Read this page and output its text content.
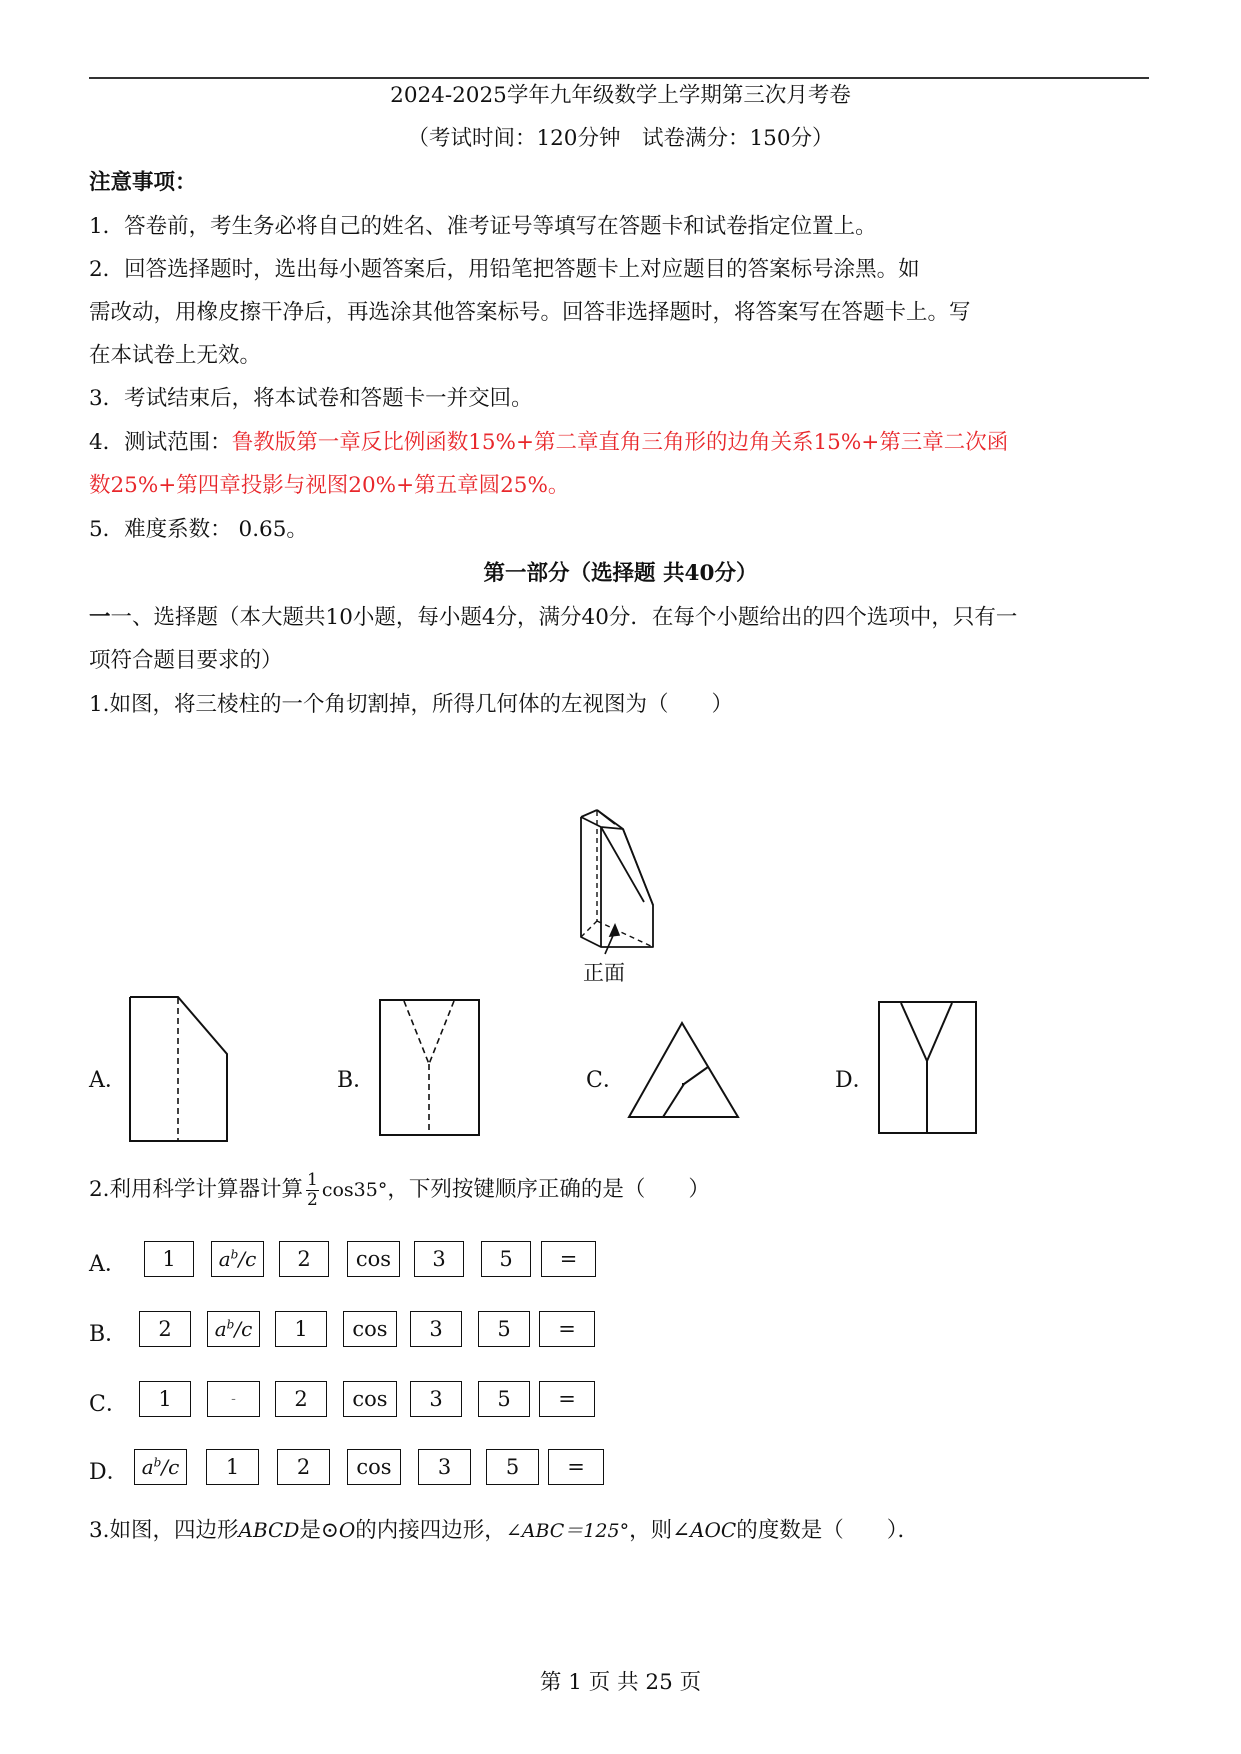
2024-2025学年九年级数学上学期第三次月考卷
（考试时间：120分钟　试卷满分：150分）
注意事项：
1．答卷前，考生务必将自己的姓名、准考证号等填写在答题卡和试卷指定位置上。
2．回答选择题时，选出每小题答案后，用铅笔把答题卡上对应题目的答案标号涂黑。如
需改动，用橡皮擦干净后，再选涂其他答案标号。回答非选择题时，将答案写在答题卡上。写
在本试卷上无效。
3．考试结束后，将本试卷和答题卡一并交回。
4．测试范围：鲁教版第一章反比例函数15%+第二章直角三角形的边角关系15%+第三章二次函
数25%+第四章投影与视图20%+第五章圆25%。
5．难度系数： 0.65。
第一部分（选择题 共40分）
一一、选择题（本大题共10小题，每小题4分，满分40分．在每个小题给出的四个选项中，只有一
项符合题目要求的）
1.如图，将三棱柱的一个角切割掉，所得几何体的左视图为（　　）
正面
A．	B．	C．	D．
2.利用科学计算器计算 $\frac{1}{2} \cos 35^\circ$，下列按键顺序正确的是（　　）
A．	1	$a^b/c$	2	cos	3	5	=
B．	2	$a^b/c$	1	cos	3	5	=
C．	1	-	2	cos	3	5	=
D． $a^b/c$	1	2	cos	3	5	=
3.如图，四边形ABCD是⊙O的内接四边形，∠ABC＝125°，则∠AOC的度数是（　　）．
第 1 页 共 25 页
